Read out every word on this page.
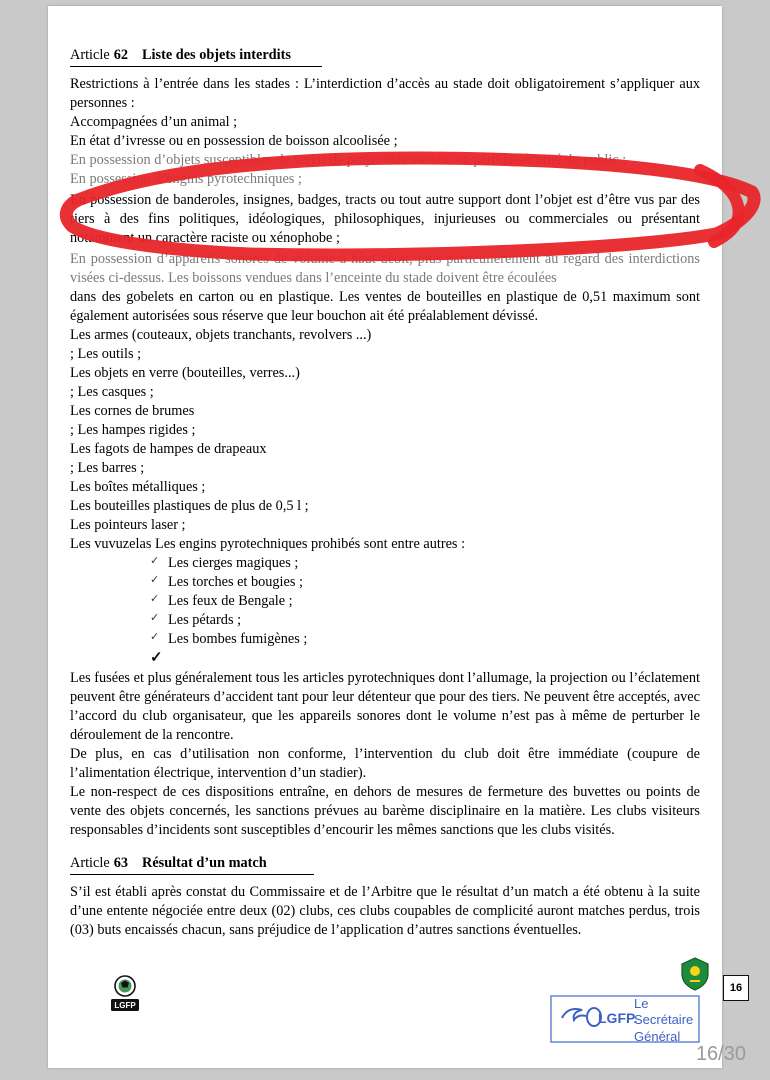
Article 62 Liste des objets interdits

Restrictions à l’entrée dans les stades : L’interdiction d’accès au stade doit obligatoirement s’appliquer aux personnes :

Accompagnées d’un animal ;

En état d’ivresse ou en possession de boisson alcoolisée ;

En possession d’objets susceptibles de servir de projectiles mettant en péril la sécurité du public ;

En possession d’engins pyrotechniques ;

En possession de banderoles, insignes, badges, tracts ou tout autre support dont l’objet est d’être vus par des tiers à des fins politiques, idéologiques, philosophiques, injurieuses ou commerciales ou présentant notamment un caractère raciste ou xénophobe ;

En possession d’appareils sonores de volume à haut débit, plus particulièrement au regard des interdictions visées ci-dessus. Les boissons vendues dans l’enceinte du stade doivent être écoulées

dans des gobelets en carton ou en plastique. Les ventes de bouteilles en plastique de 0,51 maximum sont également autorisées sous réserve que leur bouchon ait été préalablement dévissé.

Les armes (couteaux, objets tranchants, revolvers ...)

; Les outils ;

Les objets en verre (bouteilles, verres...)

; Les casques ;

Les cornes de brumes

; Les hampes rigides ;

Les fagots de hampes de drapeaux

; Les barres ;

Les boîtes métalliques ;

Les bouteilles plastiques de plus de 0,5 l ;

Les pointeurs laser ;

Les vuvuzelas Les engins pyrotechniques prohibés sont entre autres :

✓ Les cierges magiques ;
✓ Les torches et bougies ;
✓ Les feux de Bengale ;
✓ Les pétards ;
✓ Les bombes fumigènes ;
✓

Les fusées et plus généralement tous les articles pyrotechniques dont l’allumage, la projection ou l’éclatement peuvent être générateurs d’accident tant pour leur détenteur que pour des tiers. Ne peuvent être acceptés, avec l’accord du club organisateur, que les appareils sonores dont le volume n’est pas à même de perturber le déroulement de la rencontre.

De plus, en cas d’utilisation non conforme, l’intervention du club doit être immédiate (coupure de l’alimentation électrique, intervention d’un stadier).

Le non-respect de ces dispositions entraîne, en dehors de mesures de fermeture des buvettes ou points de vente des objets concernés, les sanctions prévues au barème disciplinaire en la matière. Les clubs visiteurs responsables d’incidents sont susceptibles d’encourir les mêmes sanctions que les clubs visités.

Article 63 Résultat d’un match

S’il est établi après constat du Commissaire et de l’Arbitre que le résultat d’un match a été obtenu à la suite d’une entente négociée entre deux (02) clubs, ces clubs coupables de complicité auront matches perdus, trois (03) buts encaissés chacun, sans préjudice de l’application d’autres sanctions éventuelles.

LGFP
LGFP.
Le
Secrétaire
Général
16
16/30
